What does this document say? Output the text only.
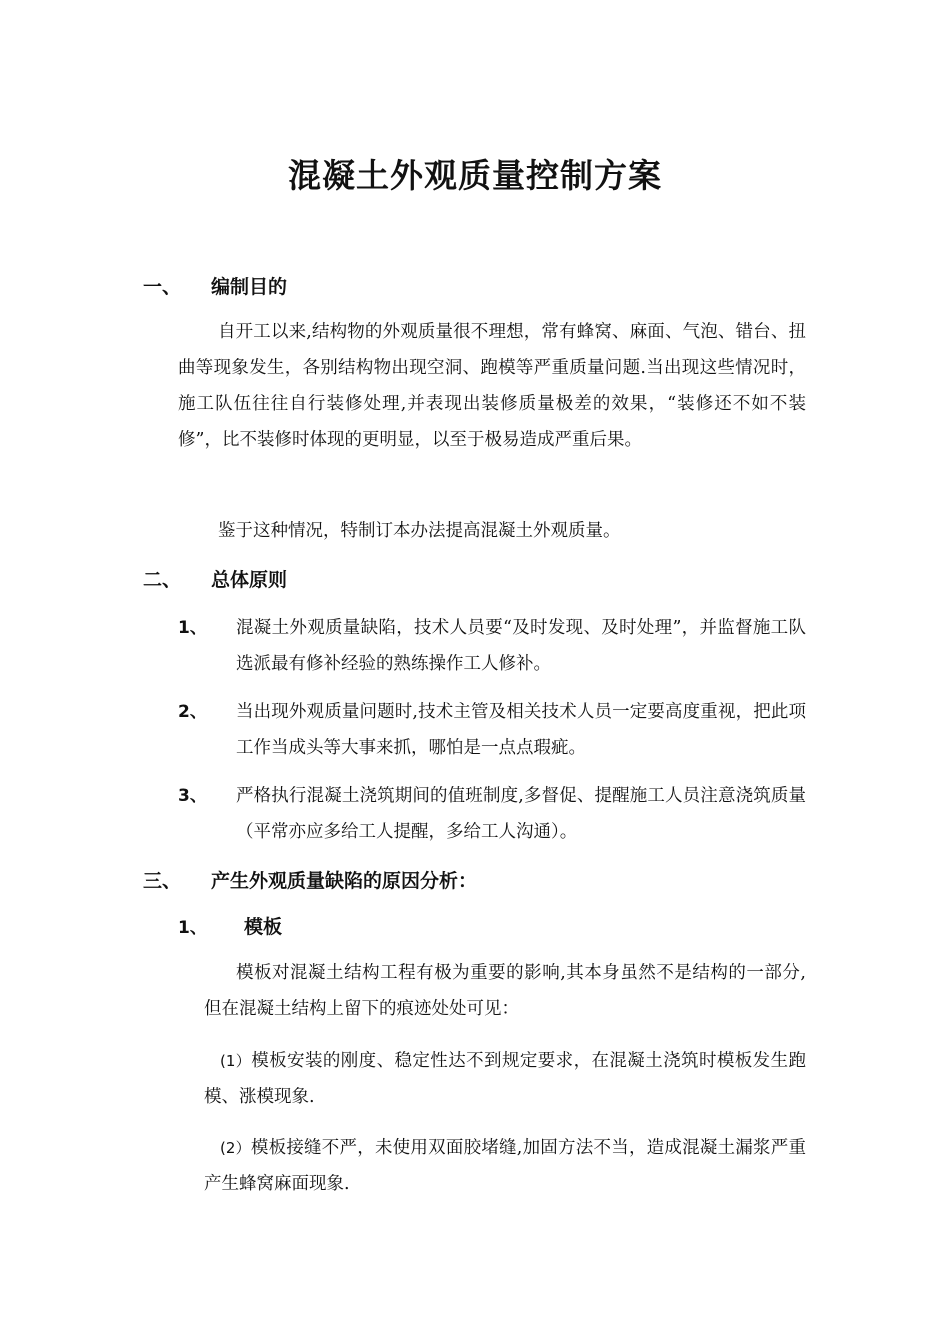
混凝土外观质量控制方案
一、 编制目的
自开工以来,结构物的外观质量很不理想，常有蜂窝、麻面、气泡、错台、扭曲等现象发生，各别结构物出现空洞、跑模等严重质量问题.当出现这些情况时，施工队伍往往自行装修处理,并表现出装修质量极差的效果，“装修还不如不装修”，比不装修时体现的更明显，以至于极易造成严重后果。
鉴于这种情况，特制订本办法提高混凝土外观质量。
二、 总体原则
1、 混凝土外观质量缺陷，技术人员要“及时发现、及时处理”，并监督施工队选派最有修补经验的熟练操作工人修补。
2、 当出现外观质量问题时,技术主管及相关技术人员一定要高度重视，把此项工作当成头等大事来抓，哪怕是一点点瑕疵。
3、 严格执行混凝土浇筑期间的值班制度,多督促、提醒施工人员注意浇筑质量（平常亦应多给工人提醒，多给工人沟通）。
三、 产生外观质量缺陷的原因分析：
1、 模板
模板对混凝土结构工程有极为重要的影响,其本身虽然不是结构的一部分,但在混凝土结构上留下的痕迹处处可见：
(1）模板安装的刚度、稳定性达不到规定要求，在混凝土浇筑时模板发生跑模、涨模现象.
(2）模板接缝不严，未使用双面胶堵缝,加固方法不当，造成混凝土漏浆严重产生蜂窝麻面现象.
